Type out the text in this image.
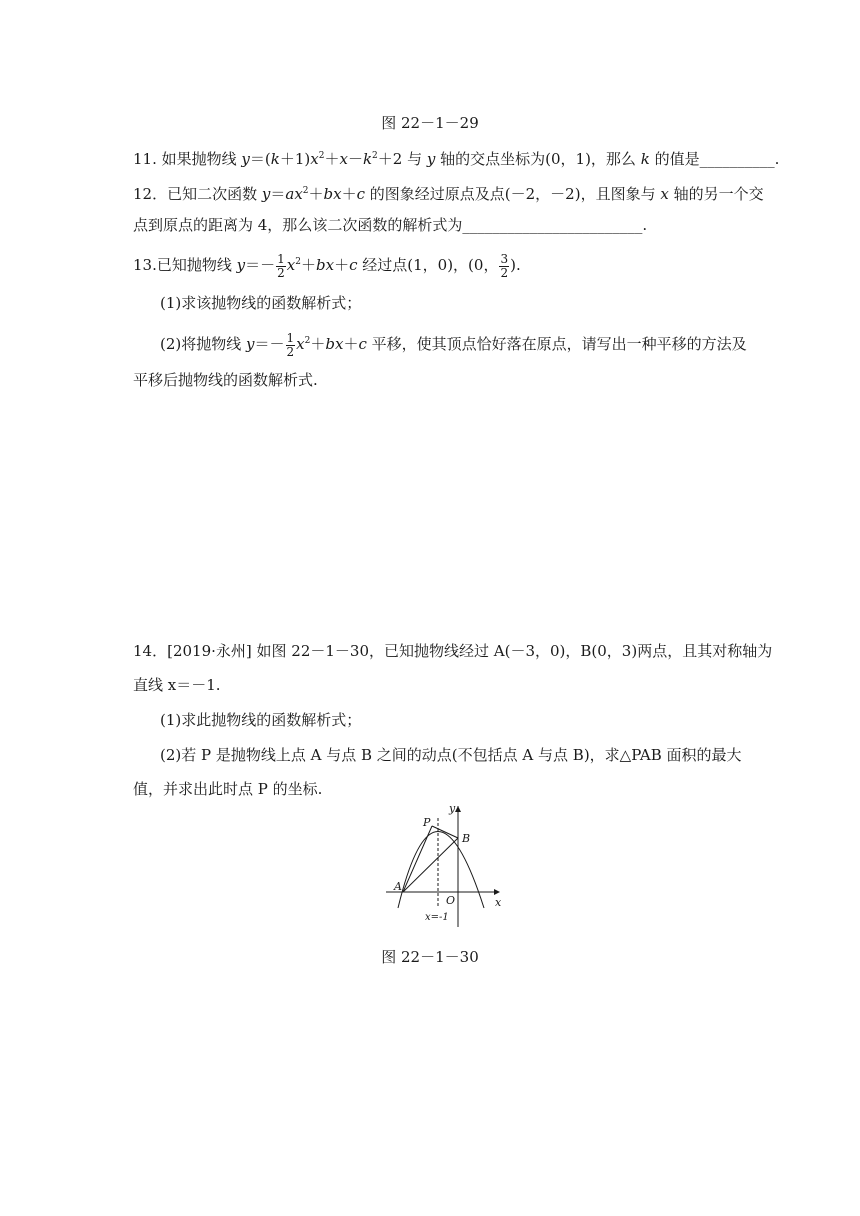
图 22－1－29
11. 如果抛物线 $y=(k+1)x^2+x-k^2+2$ 与 y 轴的交点坐标为(0，1)，那么 k 的值是__________.
12．已知二次函数 $y=ax^2+bx+c$ 的图象经过原点及点(－2，－2)，且图象与 x 轴的另一个交
点到原点的距离为 4，那么该二次函数的解析式为________________________.
13.已知抛物线 $y=- \frac{1}{2} x^2+bx+c$ 经过点(1，0)，(0， $\frac{3}{2}$ ).
(1)求该抛物线的函数解析式；
(2)将抛物线 $y=- \frac{1}{2} x^2+bx+c$ 平移，使其顶点恰好落在原点，请写出一种平移的方法及
平移后抛物线的函数解析式.
14．[2019·永州] 如图 22－1－30，已知抛物线经过 A(－3，0)，B(0，3)两点，且其对称轴为
直线 x＝－1.
(1)求此抛物线的函数解析式；
(2)若 P 是抛物线上点 A 与点 B 之间的动点(不包括点 A 与点 B)，求△PAB 面积的最大
值，并求出此时点 P 的坐标.
y
x
O
A
B
P
x=-1
图 22－1－30
